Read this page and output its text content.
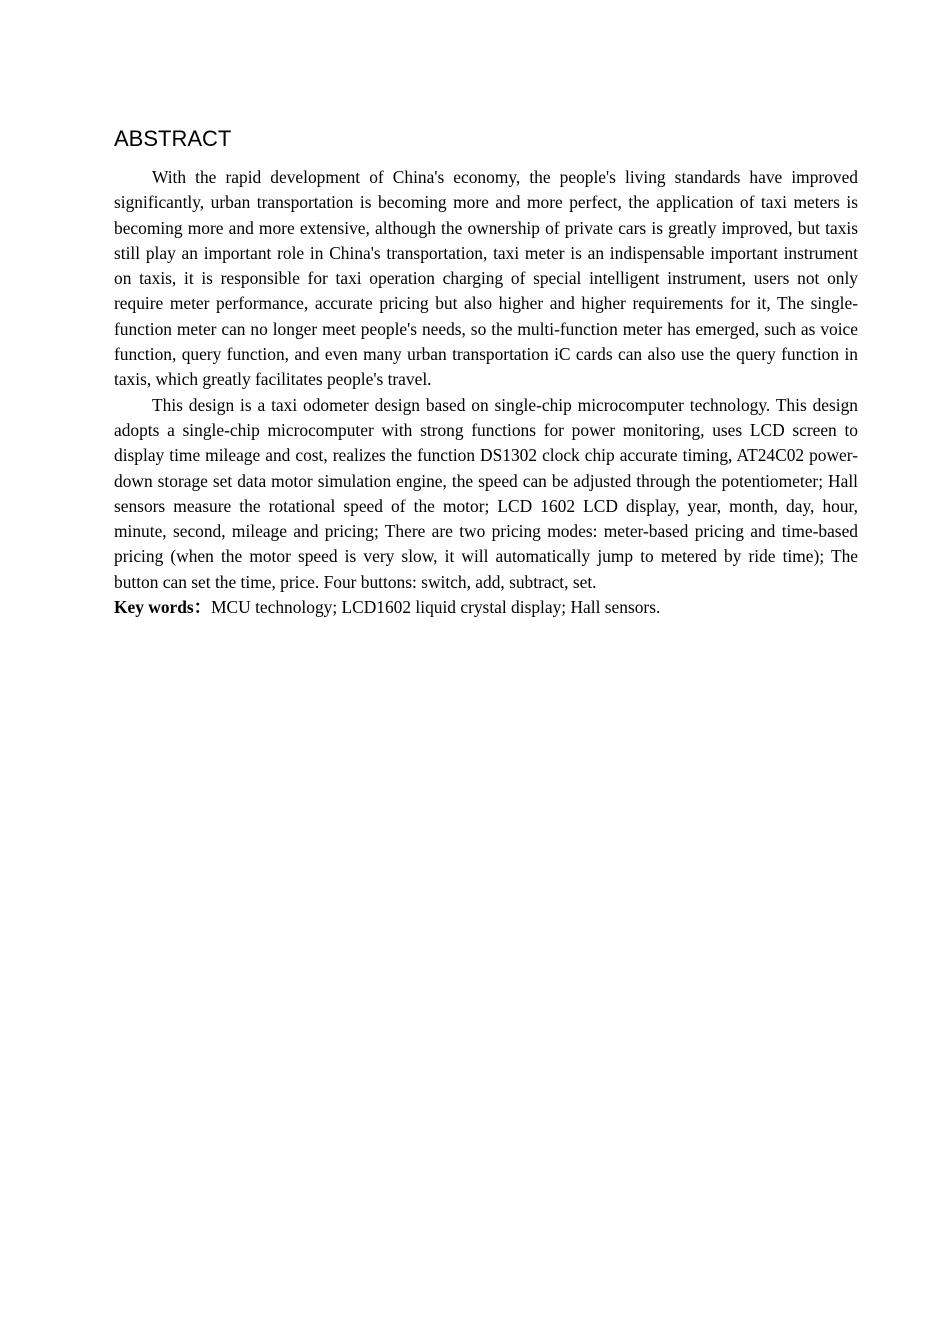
ABSTRACT

With the rapid development of China's economy, the people's living standards have improved significantly, urban transportation is becoming more and more perfect, the application of taxi meters is becoming more and more extensive, although the ownership of private cars is greatly improved, but taxis still play an important role in China's transportation, taxi meter is an indispensable important instrument on taxis, it is responsible for taxi operation charging of special intelligent instrument, users not only require meter performance, accurate pricing but also higher and higher requirements for it, The single-function meter can no longer meet people's needs, so the multi-function meter has emerged, such as voice function, query function, and even many urban transportation iC cards can also use the query function in taxis, which greatly facilitates people's travel.

This design is a taxi odometer design based on single-chip microcomputer technology. This design adopts a single-chip microcomputer with strong functions for power monitoring, uses LCD screen to display time mileage and cost, realizes the function DS1302 clock chip accurate timing, AT24C02 power-down storage set data motor simulation engine, the speed can be adjusted through the potentiometer; Hall sensors measure the rotational speed of the motor; LCD 1602 LCD display, year, month, day, hour, minute, second, mileage and pricing; There are two pricing modes: meter-based pricing and time-based pricing (when the motor speed is very slow, it will automatically jump to metered by ride time); The button can set the time, price. Four buttons: switch, add, subtract, set.

Key words：MCU technology; LCD1602 liquid crystal display; Hall sensors.
